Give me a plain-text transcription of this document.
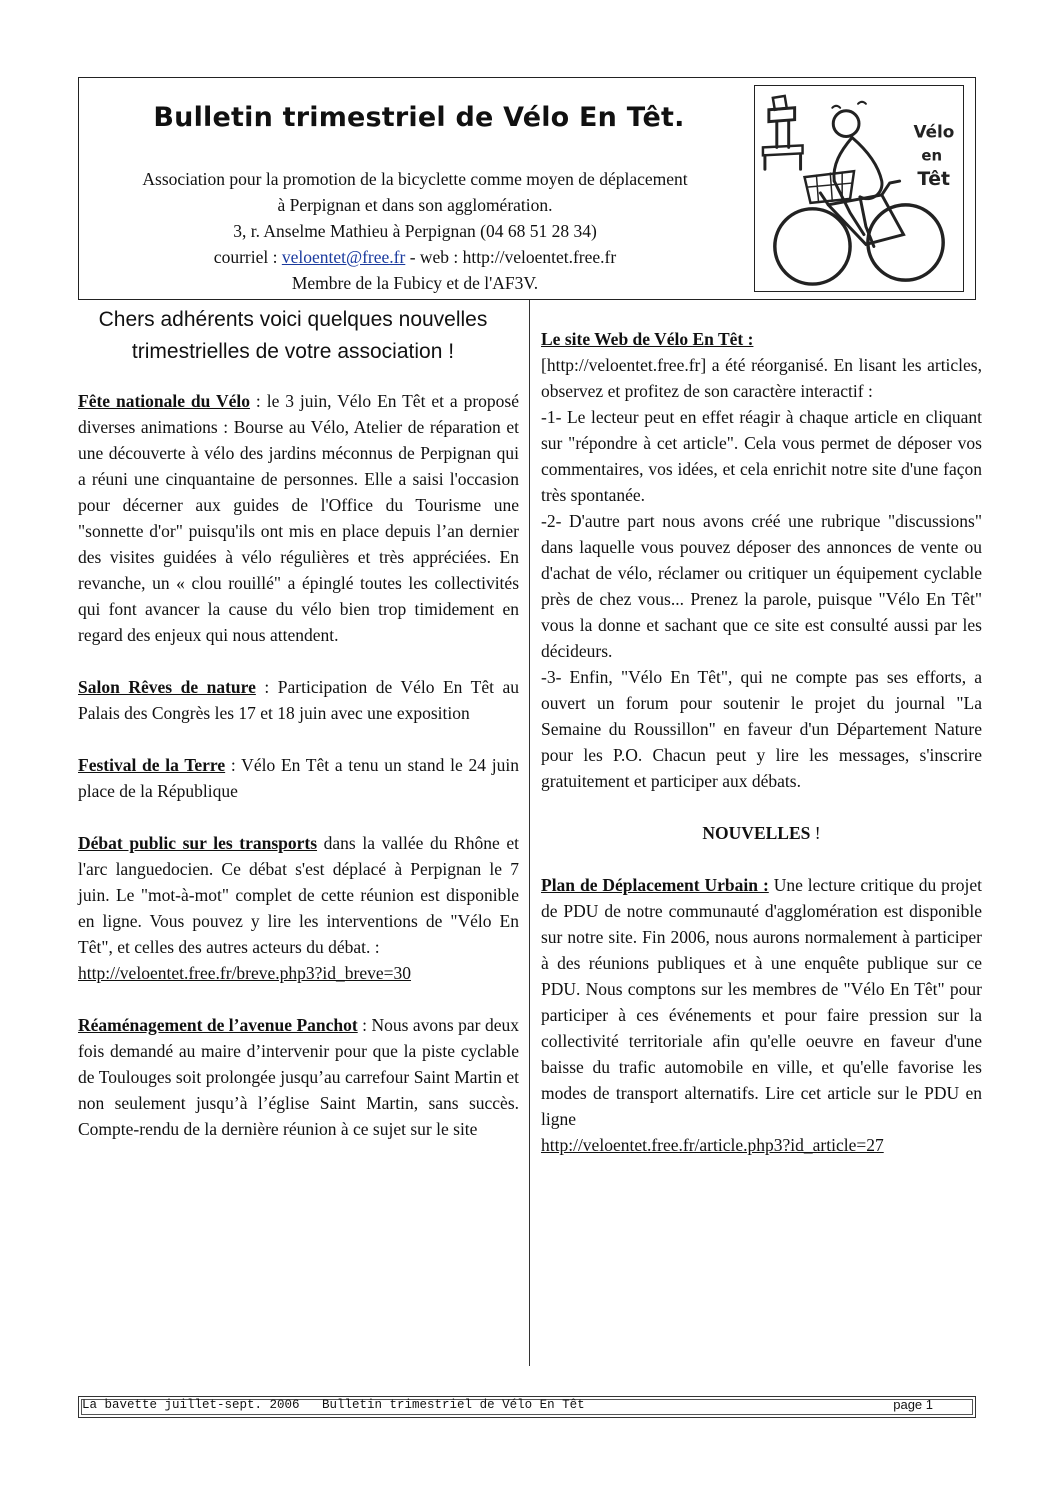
Bulletin trimestriel de Vélo En Têt.
Association pour la promotion de la bicyclette comme moyen de déplacement
à Perpignan et dans son agglomération.
3, r. Anselme Mathieu à Perpignan (04 68 51 28 34)
courriel : veloentet@free.fr - web : http://veloentet.free.fr
Membre de la Fubicy et de l'AF3V.
Vélo
en
Têt
Chers adhérents voici quelques nouvelles trimestrielles de votre association !

Fête nationale du Vélo : le 3 juin, Vélo En Têt et a proposé diverses animations : Bourse au Vélo, Atelier de réparation et une découverte à vélo des jardins méconnus de Perpignan qui a réuni une cinquantaine de personnes. Elle a saisi l'occasion pour décerner aux guides de l'Office du Tourisme une "sonnette d'or" puisqu'ils ont mis en place depuis l’an dernier des visites guidées à vélo régulières et très appréciées. En revanche, un « clou rouillé" a épinglé toutes les collectivités qui font avancer la cause du vélo bien trop timidement en regard des enjeux qui nous attendent.

Salon Rêves de nature : Participation de Vélo En Têt au Palais des Congrès les 17 et 18 juin avec une exposition

Festival de la Terre : Vélo En Têt a tenu un stand le 24 juin place de la République

Débat public sur les transports dans la vallée du Rhône et l'arc languedocien. Ce débat s'est déplacé à Perpignan le 7 juin. Le "mot-à-mot" complet de cette réunion est disponible en ligne. Vous pouvez y lire les interventions de "Vélo En Têt", et celles des autres acteurs du débat. :
http://veloentet.free.fr/breve.php3?id_breve=30

Réaménagement de l’avenue Panchot : Nous avons par deux fois demandé au maire d’intervenir pour que la piste cyclable de Toulouges soit prolongée jusqu’au carrefour Saint Martin et non seulement jusqu’à l’église Saint Martin, sans succès. Compte-rendu de la dernière réunion à ce sujet sur le site

Le site Web de Vélo En Têt :

[http://veloentet.free.fr] a été réorganisé. En lisant les articles, observez et profitez de son caractère interactif :

-1- Le lecteur peut en effet réagir à chaque article en cliquant sur "répondre à cet article". Cela vous permet de déposer vos commentaires, vos idées, et cela enrichit notre site d'une façon très spontanée.

-2- D'autre part nous avons créé une rubrique "discussions" dans laquelle vous pouvez déposer des annonces de vente ou d'achat de vélo, réclamer ou critiquer un équipement cyclable près de chez vous... Prenez la parole, puisque "Vélo En Têt" vous la donne et sachant que ce site est consulté aussi par les décideurs.

-3- Enfin, "Vélo En Têt", qui ne compte pas ses efforts, a ouvert un forum pour soutenir le projet du journal "La Semaine du Roussillon" en faveur d'un Département Nature pour les P.O. Chacun peut y lire les messages, s'inscrire gratuitement et participer aux débats.

NOUVELLES !

Plan de Déplacement Urbain : Une lecture critique du projet de PDU de notre communauté d'agglomération est disponible sur notre site. Fin 2006, nous aurons normalement à participer à des réunions publiques et à une enquête publique sur ce PDU. Nous comptons sur les membres de "Vélo En Têt" pour participer à ces événements et pour faire pression sur la collectivité territoriale afin qu'elle oeuvre en faveur d'une baisse du trafic automobile en ville, et qu'elle favorise les modes de transport alternatifs. Lire cet article sur le PDU en ligne
http://veloentet.free.fr/article.php3?id_article=27

La bavette juillet-sept. 2006   Bulletin trimestriel de Vélo En Têt	page 1
